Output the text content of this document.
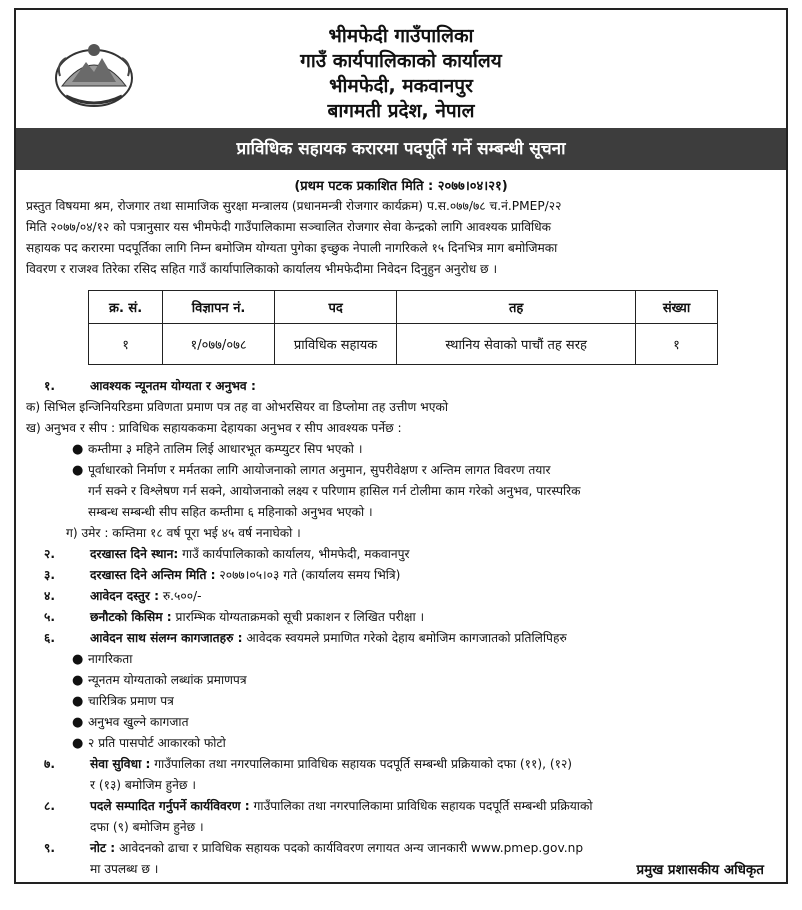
भीमफेदी गाउँपालिका
गाउँ कार्यपालिकाको कार्यालय
भीमफेदी, मकवानपुर
बागमती प्रदेश, नेपाल
प्राविधिक सहायक करारमा पदपूर्ति गर्ने सम्बन्धी सूचना
(प्रथम पटक प्रकाशित मिति : २०७७।०४।२१)
प्रस्तुत विषयमा श्रम, रोजगार तथा सामाजिक सुरक्षा मन्त्रालय (प्रधानमन्त्री रोजगार कार्यक्रम) प.स.०७७/७८ च.नं.PMEP/२२
मिति २०७७/०४/१२ को पत्रानुसार यस भीमफेदी गाउँपालिकामा सञ्चालित रोजगार सेवा केन्द्रको लागि आवश्यक प्राविधिक
सहायक पद करारमा पदपूर्तिका लागि निम्न बमोजिम योग्यता पुगेका इच्छुक नेपाली नागरिकले १५ दिनभित्र माग बमोजिमका
विवरण र राजश्व तिरेका रसिद सहित गाउँ कार्यापालिकाको कार्यालय भीमफेदीमा निवेदन दिनुहुन अनुरोध छ ।
क्र. सं.	विज्ञापन नं.	पद	तह	संख्या
१	१/०७७/०७८	प्राविधिक सहायक	स्थानिय सेवाको पाचौं तह सरह	१
१.	आवश्यक न्यूनतम योग्यता र अनुभव :
क) सिभिल इन्जिनियरिडमा प्रविणता प्रमाण पत्र तह वा ओभरसियर वा डिप्लोमा तह उत्तीण भएको
ख) अनुभव र सीप : प्राविधिक सहायककमा देहायका अनुभव र सीप आवश्यक पर्नेछ :
● कम्तीमा ३ महिने तालिम लिई आधारभूत कम्प्युटर सिप भएको ।
● पूर्वाधारको निर्माण र मर्मतका लागि आयोजनाको लागत अनुमान, सुपरीवेक्षण र अन्तिम लागत विवरण तयार
गर्न सक्ने र विश्लेषण गर्न सक्ने, आयोजनाको लक्ष्य र परिणाम हासिल गर्न टोलीमा काम गरेको अनुभव, पारस्परिक
सम्बन्ध सम्बन्धी सीप सहित कम्तीमा ६ महिनाको अनुभव भएको ।
ग) उमेर : कम्तिमा १८ वर्ष पूरा भई ४५ वर्ष ननाघेको ।
२.	दरखास्त दिने स्थान: गाउँ कार्यपालिकाको कार्यालय, भीमफेदी, मकवानपुर
३.	दरखास्त दिने अन्तिम मिति : २०७७।०५।०३ गते (कार्यालय समय भित्रि)
४.	आवेदन दस्तुर : रु.५००/-
५.	छनौटको किसिम : प्रारम्भिक योग्यताक्रमको सूची प्रकाशन र लिखित परीक्षा ।
६.	आवेदन साथ संलग्न कागजातहरु : आवेदक स्वयमले प्रमाणित गरेको देहाय बमोजिम कागजातको प्रतिलिपिहरु
● नागरिकता
● न्यूनतम योग्यताको लब्धांक प्रमाणपत्र
● चारित्रिक प्रमाण पत्र
● अनुभव खुल्ने कागजात
● २ प्रति पासपोर्ट आकारको फोटो
७.	सेवा सुविधा : गाउँपालिका तथा नगरपालिकामा प्राविधिक सहायक पदपूर्ति सम्बन्धी प्रक्रियाको दफा (११), (१२)
र (१३) बमोजिम हुनेछ ।
८.	पदले सम्पादित गर्नुपर्ने कार्यविवरण : गाउँपालिका तथा नगरपालिकामा प्राविधिक सहायक पदपूर्ति सम्बन्धी प्रक्रियाको
दफा (९) बमोजिम हुनेछ ।
९.	नोट : आवेदनको ढाचा र प्राविधिक सहायक पदको कार्यविवरण लगायत अन्य जानकारी www.pmep.gov.np
मा उपलब्ध छ ।	प्रमुख प्रशासकीय अधिकृत
